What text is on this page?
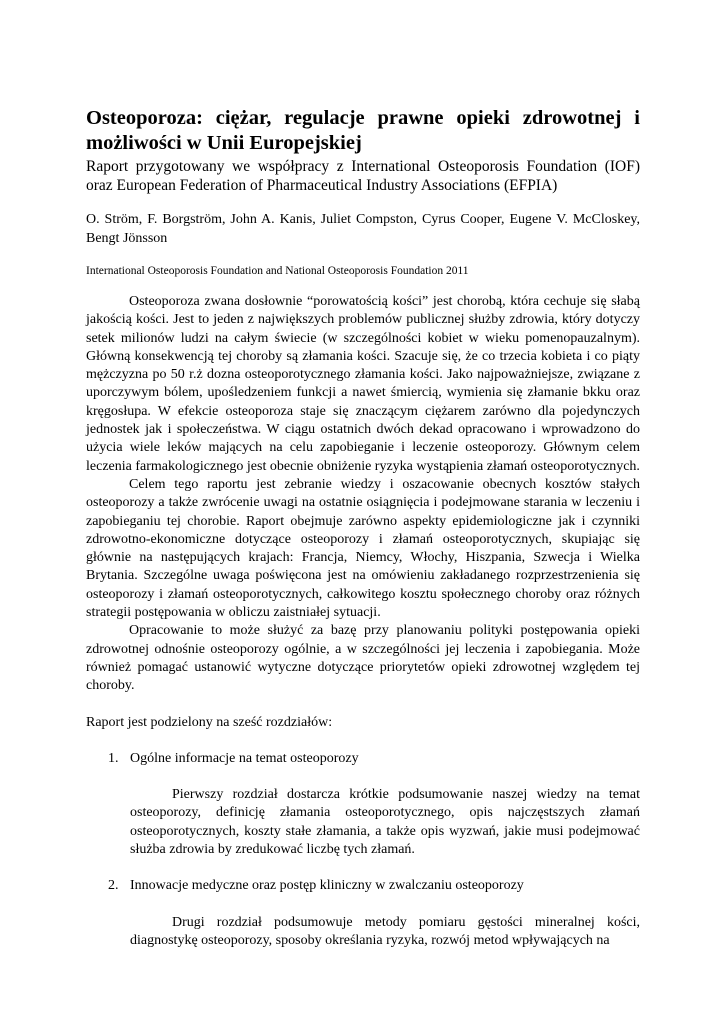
Osteoporoza: ciężar, regulacje prawne opieki zdrowotnej i możliwości w Unii Europejskiej

Raport przygotowany we współpracy z International Osteoporosis Foundation (IOF) oraz European Federation of Pharmaceutical Industry Associations (EFPIA)

O. Ström, F. Borgström, John A. Kanis, Juliet Compston, Cyrus Cooper, Eugene V. McCloskey, Bengt Jönsson

International Osteoporosis Foundation and National Osteoporosis Foundation 2011

Osteoporoza zwana dosłownie “porowatością kości” jest chorobą, która cechuje się słabą jakością kości. Jest to jeden z największych problemów publicznej służby zdrowia, który dotyczy setek milionów ludzi na całym świecie (w szczególności kobiet w wieku pomenopauzalnym). Główną konsekwencją tej choroby są złamania kości. Szacuje się, że co trzecia kobieta i co piąty mężczyzna po 50 r.ż dozna osteoporotycznego złamania kości. Jako najpoważniejsze, związane z uporczywym bólem, upośledzeniem funkcji a nawet śmiercią, wymienia się złamanie bkku oraz kręgosłupa. W efekcie osteoporoza staje się znaczącym ciężarem zarówno dla pojedynczych jednostek jak i społeczeństwa. W ciągu ostatnich dwóch dekad opracowano i wprowadzono do użycia wiele leków mających na celu zapobieganie i leczenie osteoporozy. Głównym celem leczenia farmakologicznego jest obecnie obniżenie ryzyka wystąpienia złamań osteoporotycznych.

Celem tego raportu jest zebranie wiedzy i oszacowanie obecnych kosztów stałych osteoporozy a także zwrócenie uwagi na ostatnie osiągnięcia i podejmowane starania w leczeniu i zapobieganiu tej chorobie. Raport obejmuje zarówno aspekty epidemiologiczne jak i czynniki zdrowotno-ekonomiczne dotyczące osteoporozy i złamań osteoporotycznych, skupiając się głównie na następujących krajach: Francja, Niemcy, Włochy, Hiszpania, Szwecja i Wielka Brytania. Szczególne uwaga poświęcona jest na omówieniu zakładanego rozprzestrzenienia się osteoporozy i złamań osteoporotycznych, całkowitego kosztu społecznego choroby oraz różnych strategii postępowania w obliczu zaistniałej sytuacji.

Opracowanie to może służyć za bazę przy planowaniu polityki postępowania opieki zdrowotnej odnośnie osteoporozy ogólnie, a w szczególności jej leczenia i zapobiegania. Może również pomagać ustanowić wytyczne dotyczące priorytetów opieki zdrowotnej względem tej choroby.

Raport jest podzielony na sześć rozdziałów:

1. Ogólne informacje na temat osteoporozy

Pierwszy rozdział dostarcza krótkie podsumowanie naszej wiedzy na temat osteoporozy, definicję złamania osteoporotycznego, opis najczęstszych złamań osteoporotycznych, koszty stałe złamania, a także opis wyzwań, jakie musi podejmować służba zdrowia by zredukować liczbę tych złamań.

2. Innowacje medyczne oraz postęp kliniczny w zwalczaniu osteoporozy

Drugi rozdział podsumowuje metody pomiaru gęstości mineralnej kości, diagnostykę osteoporozy, sposoby określania ryzyka, rozwój metod wpływających na
